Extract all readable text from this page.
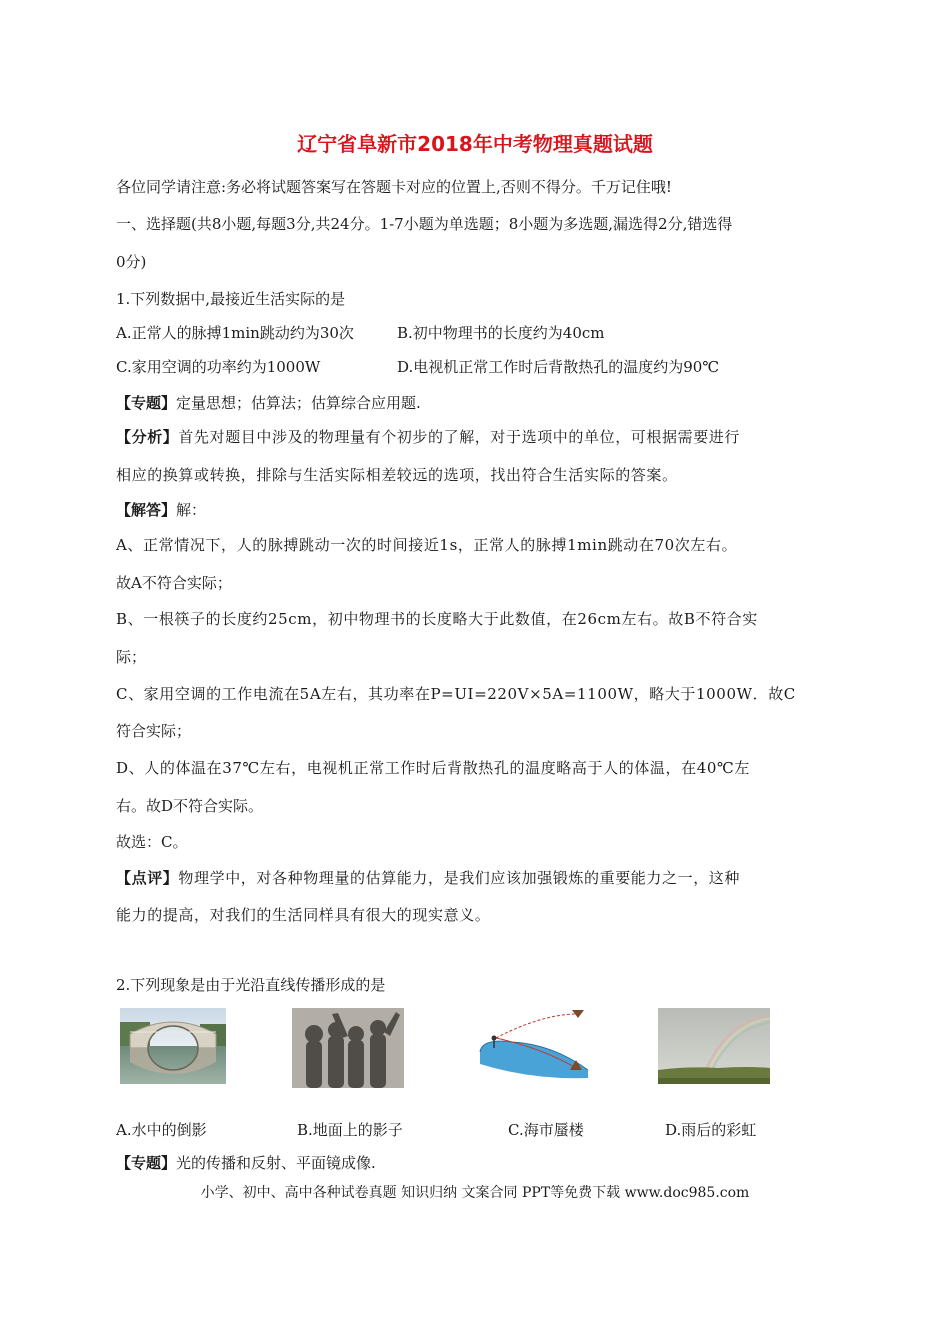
辽宁省阜新市2018年中考物理真题试题
各位同学请注意:务必将试题答案写在答题卡对应的位置上,否则不得分。千万记住哦!
一、选择题(共8小题,每题3分,共24分。1-7小题为单选题；8小题为多选题,漏选得2分,错选得
0分)
1.下列数据中,最接近生活实际的是
A.正常人的脉搏1min跳动约为30次	B.初中物理书的长度约为40cm
C.家用空调的功率约为1000W	D.电视机正常工作时后背散热孔的温度约为90℃
【专题】定量思想；估算法；估算综合应用题.
【分析】首先对题目中涉及的物理量有个初步的了解，对于选项中的单位，可根据需要进行
相应的换算或转换，排除与生活实际相差较远的选项，找出符合生活实际的答案。
【解答】解：
A、正常情况下，人的脉搏跳动一次的时间接近1s，正常人的脉搏1min跳动在70次左右。
故A不符合实际；
B、一根筷子的长度约25cm，初中物理书的长度略大于此数值，在26cm左右。故B不符合实
际；
C、家用空调的工作电流在5A左右，其功率在P=UI=220V×5A=1100W，略大于1000W．故C
符合实际；
D、人的体温在37℃左右，电视机正常工作时后背散热孔的温度略高于人的体温，在40℃左
右。故D不符合实际。
故选：C。
【点评】物理学中，对各种物理量的估算能力，是我们应该加强锻炼的重要能力之一，这种
能力的提高，对我们的生活同样具有很大的现实意义。
2.下列现象是由于光沿直线传播形成的是
A.水中的倒影	B.地面上的影子	C.海市蜃楼	D.雨后的彩虹
【专题】光的传播和反射、平面镜成像.
小学、初中、高中各种试卷真题 知识归纳 文案合同 PPT等免费下载 www.doc985.com
